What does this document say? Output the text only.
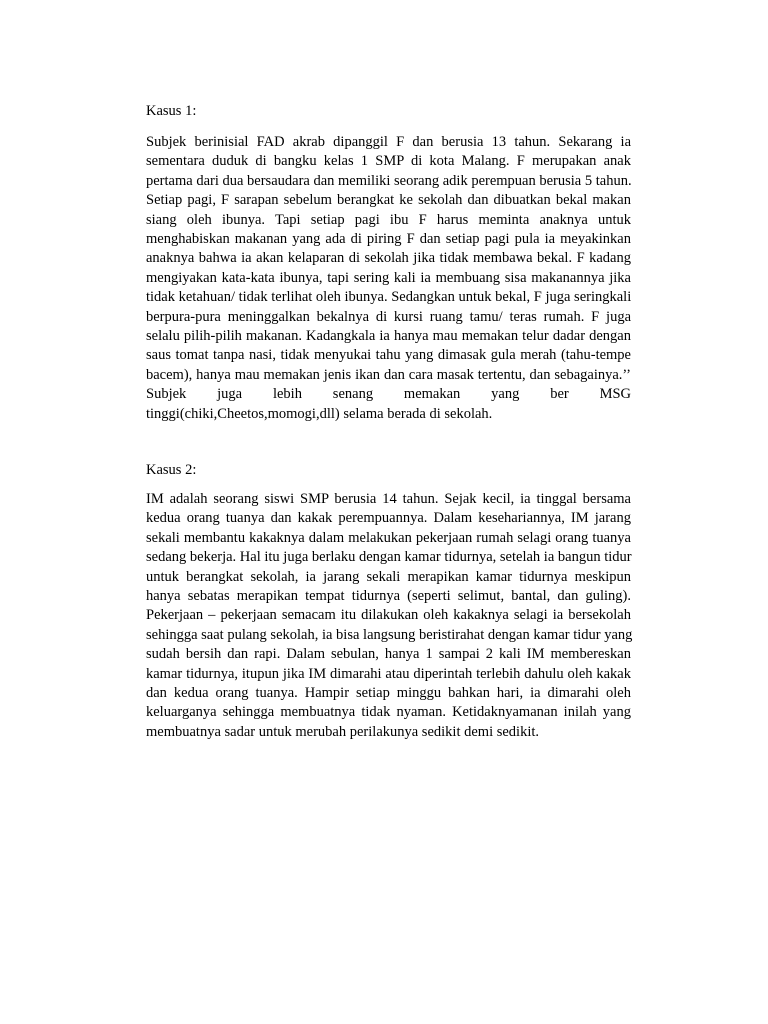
Kasus 1:

Subjek berinisial FAD akrab dipanggil F dan berusia 13 tahun. Sekarang ia
sementara duduk di bangku kelas 1 SMP di kota Malang. F merupakan anak
pertama dari dua bersaudara dan memiliki seorang adik perempuan berusia 5 tahun.
Setiap pagi, F sarapan sebelum berangkat ke sekolah dan dibuatkan bekal makan
siang oleh ibunya. Tapi setiap pagi ibu F harus meminta anaknya untuk
menghabiskan makanan yang ada di piring F dan setiap pagi pula ia meyakinkan
anaknya bahwa ia akan kelaparan di sekolah jika tidak membawa bekal. F kadang
mengiyakan kata-kata ibunya, tapi sering kali ia membuang sisa makanannya jika
tidak ketahuan/ tidak terlihat oleh ibunya. Sedangkan untuk bekal, F juga seringkali
berpura-pura meninggalkan bekalnya di kursi ruang tamu/ teras rumah. F juga
selalu pilih-pilih makanan. Kadangkala ia hanya mau memakan telur dadar dengan
saus tomat tanpa nasi, tidak menyukai tahu yang dimasak gula merah (tahu-tempe
bacem), hanya mau memakan jenis ikan dan cara masak tertentu, dan sebagainya.’’
Subjek juga lebih senang memakan yang ber MSG
tinggi(chiki,Cheetos,momogi,dll) selama berada di sekolah.

Kasus 2:

IM adalah seorang siswi SMP berusia 14 tahun. Sejak kecil, ia tinggal bersama
kedua orang tuanya dan kakak perempuannya. Dalam kesehariannya, IM jarang
sekali membantu kakaknya dalam melakukan pekerjaan rumah selagi orang tuanya
sedang bekerja. Hal itu juga berlaku dengan kamar tidurnya, setelah ia bangun tidur
untuk berangkat sekolah, ia jarang sekali merapikan kamar tidurnya meskipun
hanya sebatas merapikan tempat tidurnya (seperti selimut, bantal, dan guling).
Pekerjaan – pekerjaan semacam itu dilakukan oleh kakaknya selagi ia bersekolah
sehingga saat pulang sekolah, ia bisa langsung beristirahat dengan kamar tidur yang
sudah bersih dan rapi. Dalam sebulan, hanya 1 sampai 2 kali IM membereskan
kamar tidurnya, itupun jika IM dimarahi atau diperintah terlebih dahulu oleh kakak
dan kedua orang tuanya. Hampir setiap minggu bahkan hari, ia dimarahi oleh
keluarganya sehingga membuatnya tidak nyaman. Ketidaknyamanan inilah yang
membuatnya sadar untuk merubah perilakunya sedikit demi sedikit.
